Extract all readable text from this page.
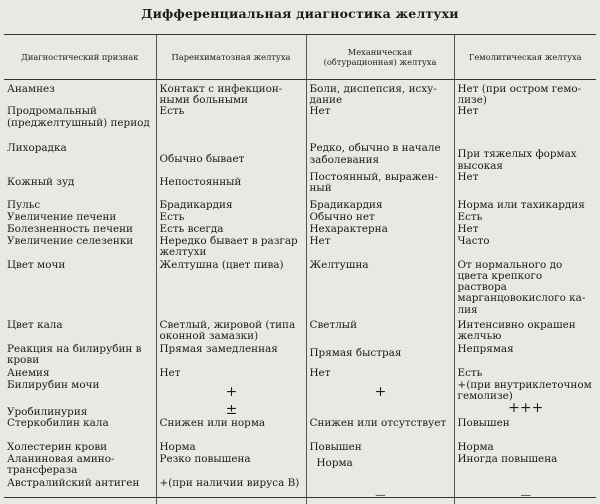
Дифференциальная диагностика желтухи
Диагностический признак	Паренхиматозная желтуха	Механическая (обтурационная) желтуха	Гемолитическая желтуха
Анамнез	Контакт с инфекционными больными	Боли, диспепсия, исхудание	Нет (при остром гемолизе)
Продромальный (преджелтушный) период	Есть	Нет	Нет
Лихорадка	Обычно бывает	Редко, обычно в начале заболевания	При тяжелых формах высокая
Кожный зуд	Непостоянный	Постоянный, выраженный	Нет
Пульс	Брадикардия	Брадикардия	Норма или тахикардия
Увеличение печени	Есть	Обычно нет	Есть
Болезненность печени	Есть всегда	Нехарактерна	Нет
Увеличение селезенки	Нередко бывает в разгар желтухи	Нет	Часто
Цвет мочи	Желтушна (цвет пива)	Желтушна	От нормального до цвета крепкого раствора марганцовокислого калия
Цвет кала	Светлый, жировой (типа оконной замазки)	Светлый	Интенсивно окрашен желчью
Реакция на билирубин в крови	Прямая замедленная	Прямая быстрая	Непрямая
Анемия	Нет	Нет	Есть
Билирубин мочи	+	+	+(при внутриклеточном гемолизе)
Уробилинурия	±		+++
Стеркобилин кала	Снижен или норма	Снижен или отсутствует	Повышен
Холестерин крови	Норма	Повышен	Норма
Аланиновая аминотрансфераза	Резко повышена	Норма	Иногда повышена
Австралийский антиген	+(при наличии вируса В)	—	—
